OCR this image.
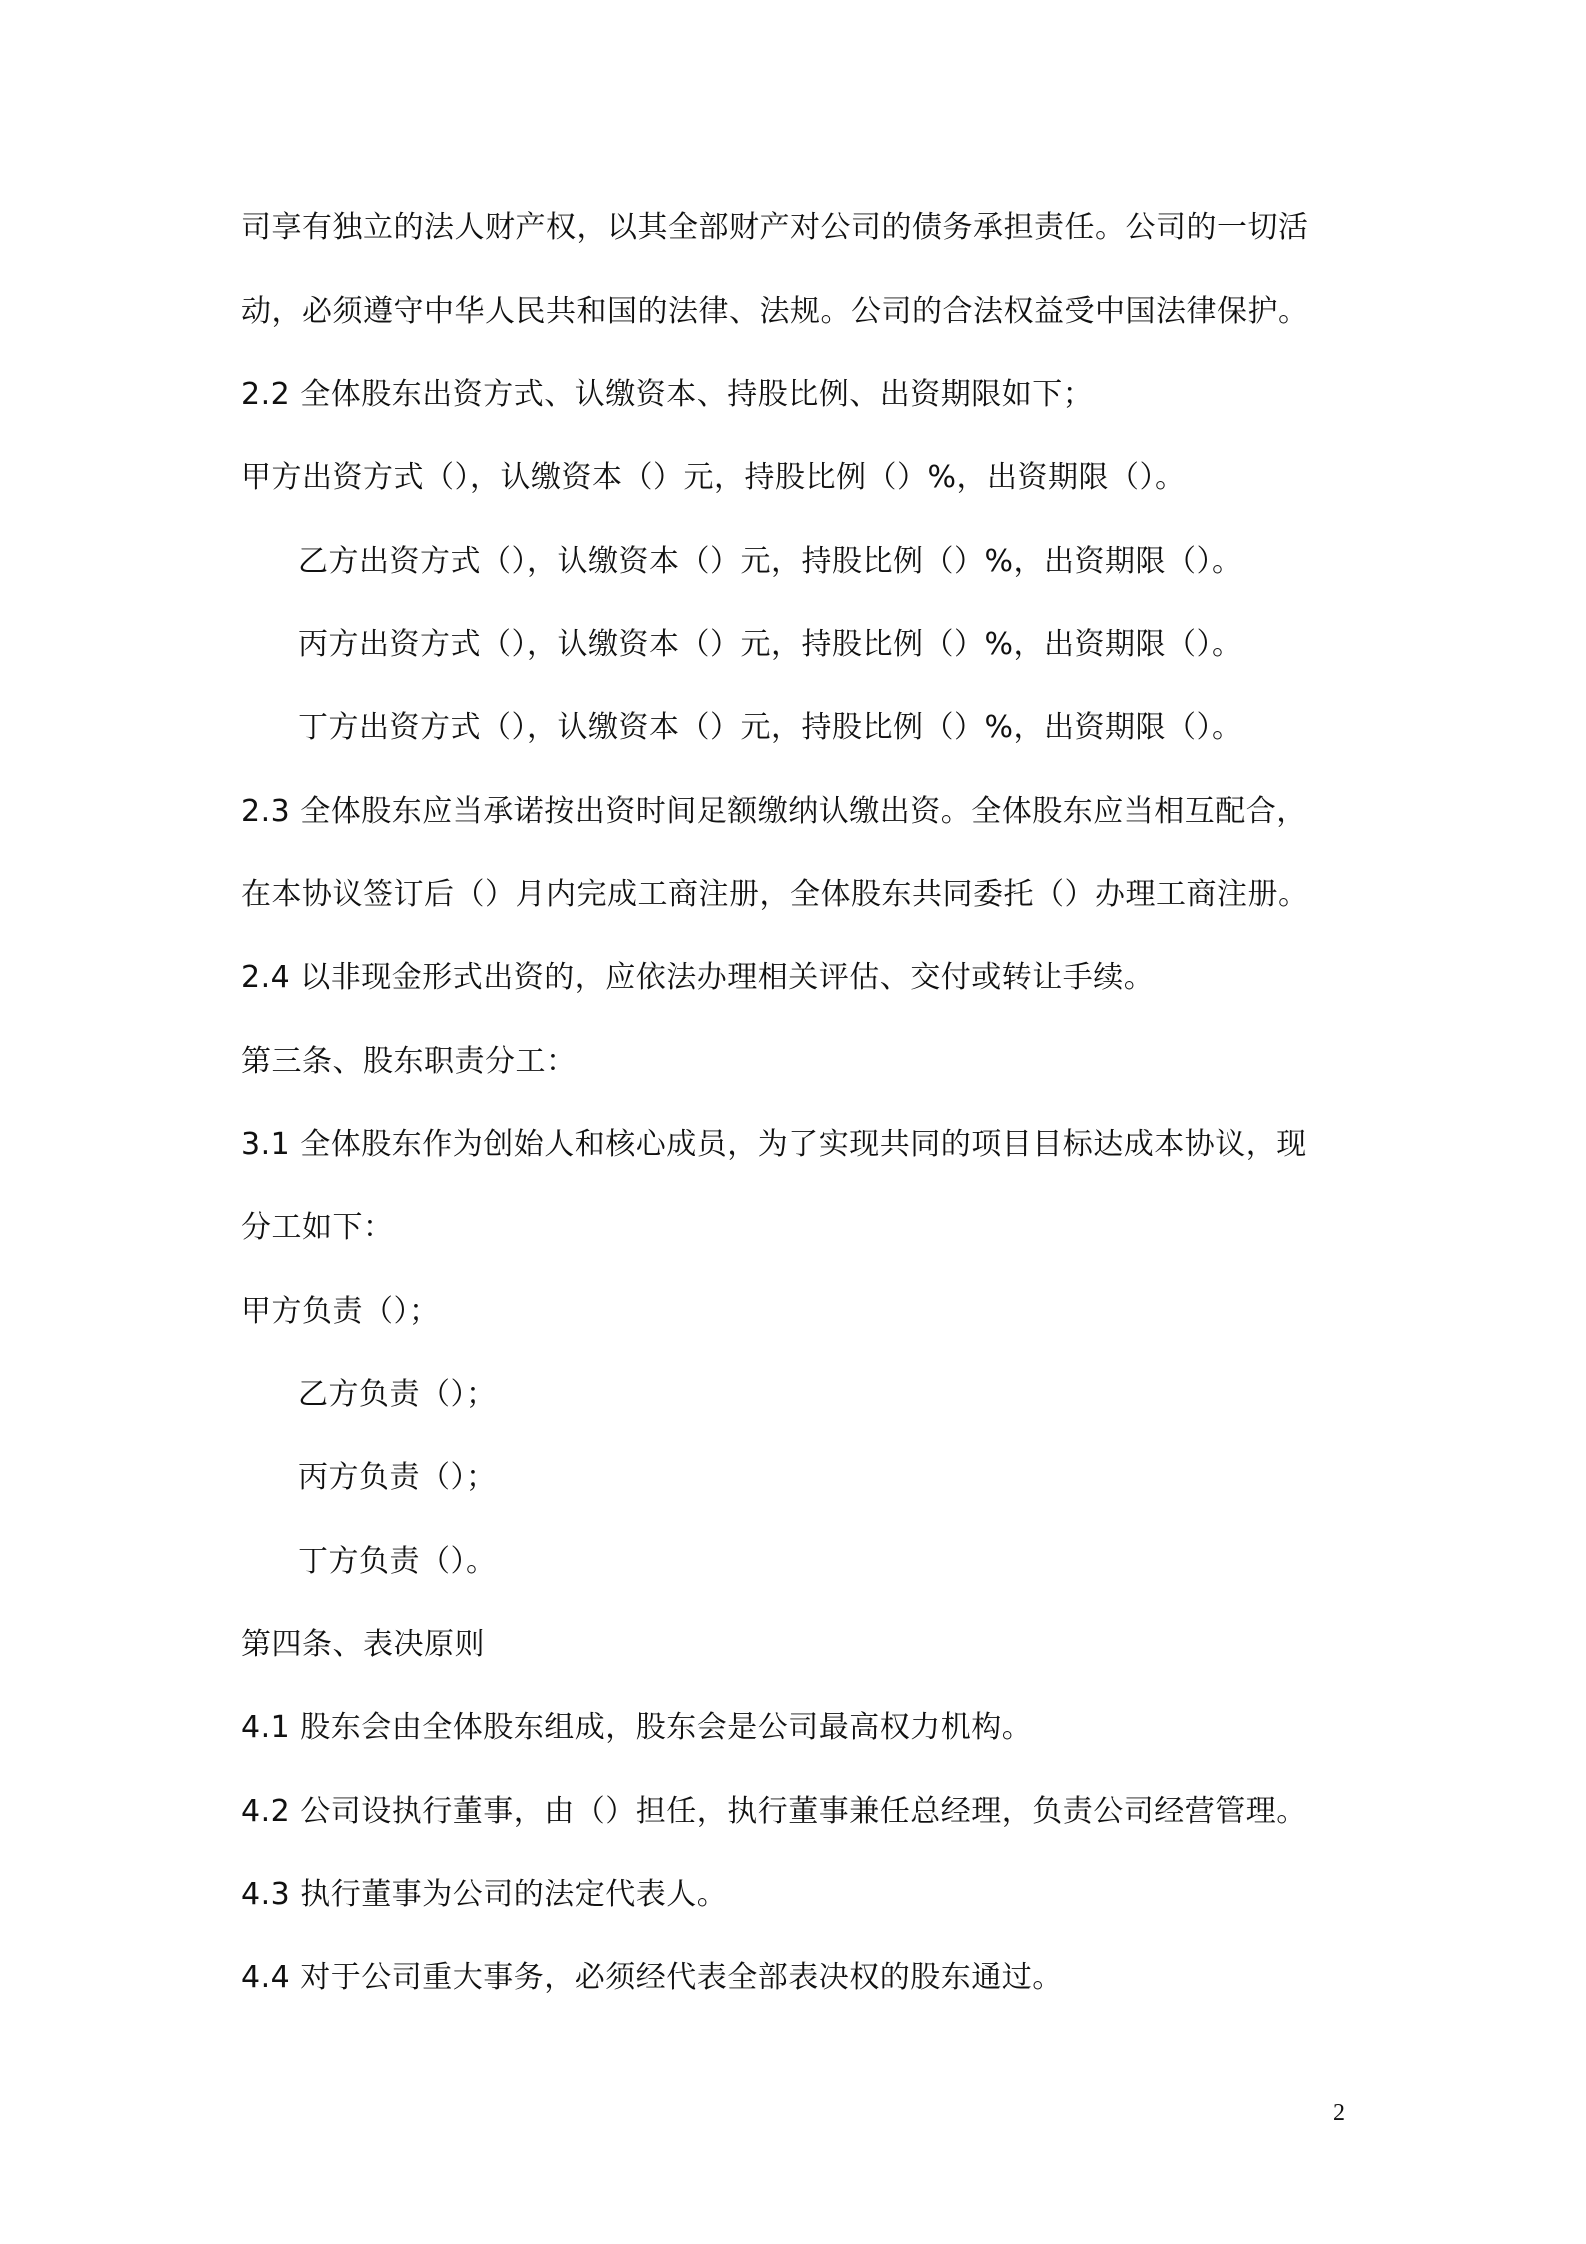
司享有独立的法人财产权，以其全部财产对公司的债务承担责任。公司的一切活
动，必须遵守中华人民共和国的法律、法规。公司的合法权益受中国法律保护。
2.2 全体股东出资方式、认缴资本、持股比例、出资期限如下；
甲方出资方式（），认缴资本（）元，持股比例（）%，出资期限（）。
乙方出资方式（），认缴资本（）元，持股比例（）%，出资期限（）。
丙方出资方式（），认缴资本（）元，持股比例（）%，出资期限（）。
丁方出资方式（），认缴资本（）元，持股比例（）%，出资期限（）。
2.3 全体股东应当承诺按出资时间足额缴纳认缴出资。全体股东应当相互配合，
在本协议签订后（）月内完成工商注册，全体股东共同委托（）办理工商注册。
2.4 以非现金形式出资的，应依法办理相关评估、交付或转让手续。
第三条、股东职责分工：
3.1 全体股东作为创始人和核心成员，为了实现共同的项目目标达成本协议，现
分工如下：
甲方负责（）；
乙方负责（）；
丙方负责（）；
丁方负责（）。
第四条、表决原则
4.1 股东会由全体股东组成，股东会是公司最高权力机构。
4.2 公司设执行董事，由（）担任，执行董事兼任总经理，负责公司经营管理。
4.3 执行董事为公司的法定代表人。
4.4 对于公司重大事务，必须经代表全部表决权的股东通过。
2
